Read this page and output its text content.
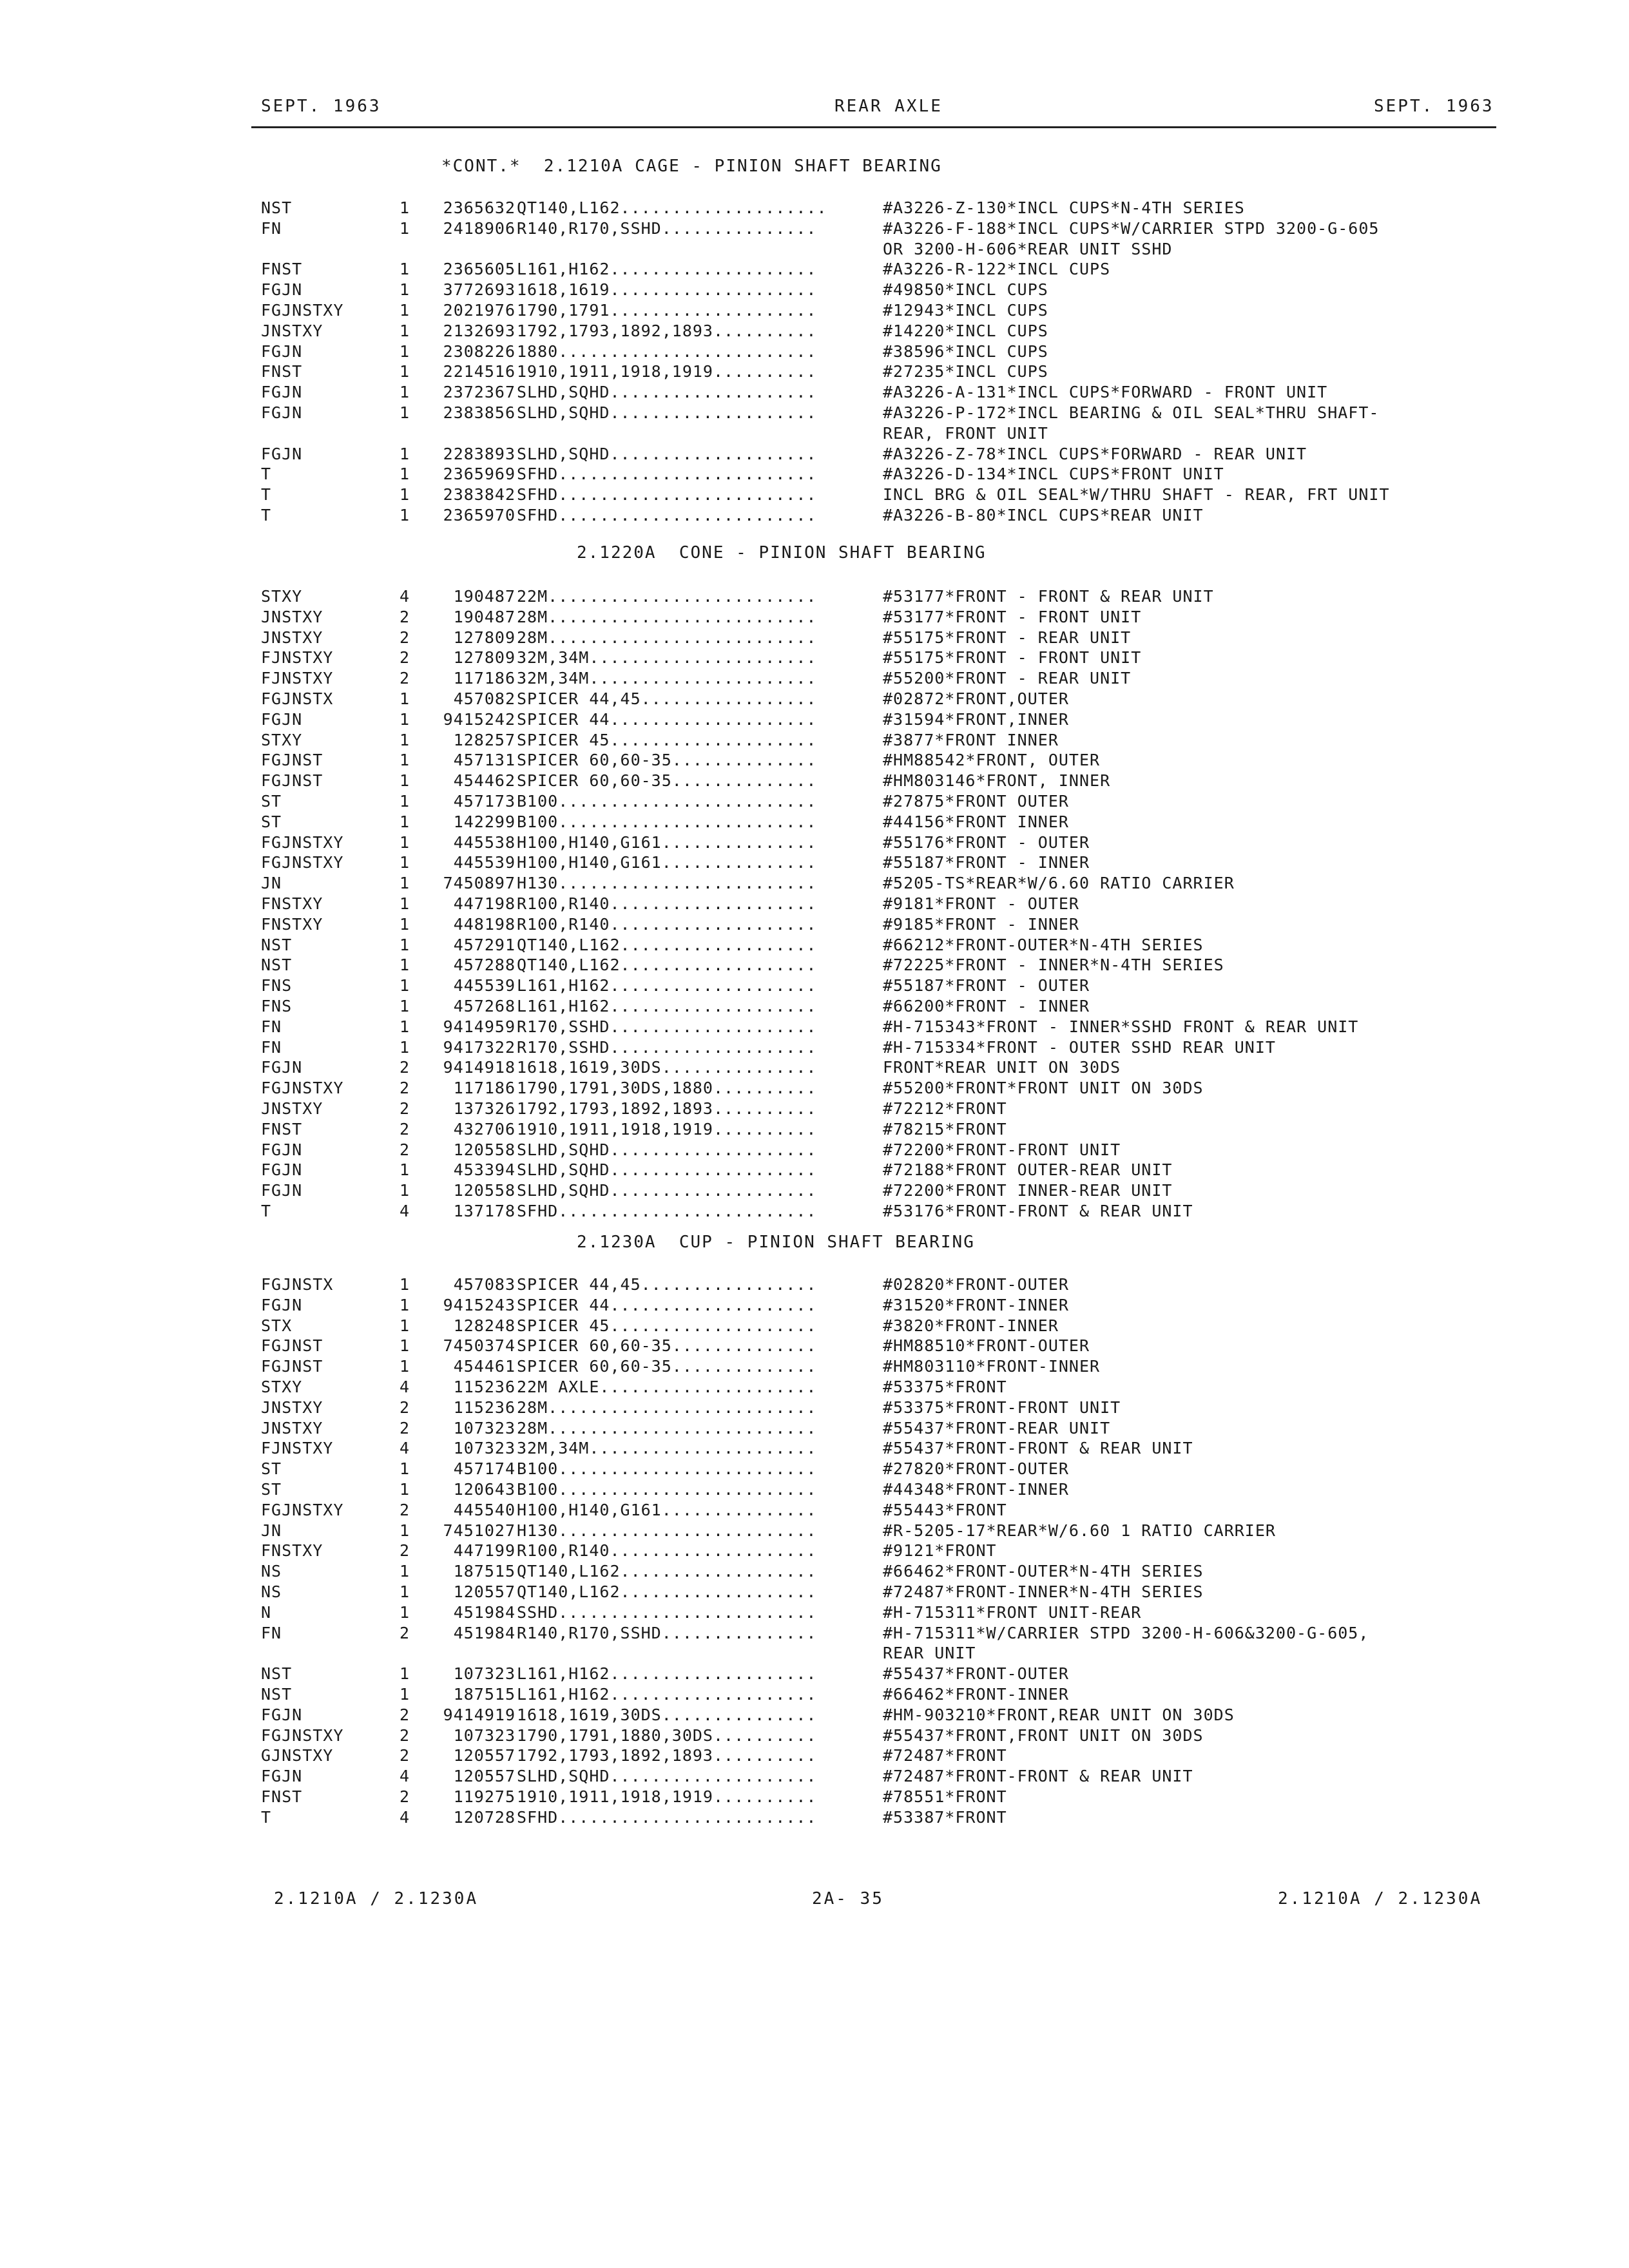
SEPT. 1963	REAR AXLE	SEPT. 1963
*CONT.*  2.1210A CAGE - PINION SHAFT BEARING
NST	1	2365632 QT140,L162....................	#A3226-Z-130*INCL CUPS*N-4TH SERIES
FN	1	2418906 R140,R170,SSHD...............	#A3226-F-188*INCL CUPS*W/CARRIER STPD 3200-G-605
OR 3200-H-606*REAR UNIT SSHD
FNST	1	2365605 L161,H162....................	#A3226-R-122*INCL CUPS
FGJN	1	3772693 1618,1619....................	#49850*INCL CUPS
FGJNSTXY	1	2021976 1790,1791....................	#12943*INCL CUPS
JNSTXY	1	2132693 1792,1793,1892,1893..........	#14220*INCL CUPS
FGJN	1	2308226 1880.........................	#38596*INCL CUPS
FNST	1	2214516 1910,1911,1918,1919..........	#27235*INCL CUPS
FGJN	1	2372367 SLHD,SQHD....................	#A3226-A-131*INCL CUPS*FORWARD - FRONT UNIT
FGJN	1	2383856 SLHD,SQHD....................	#A3226-P-172*INCL BEARING & OIL SEAL*THRU SHAFT-
REAR, FRONT UNIT
FGJN	1	2283893 SLHD,SQHD....................	#A3226-Z-78*INCL CUPS*FORWARD - REAR UNIT
T	1	2365969 SFHD.........................	#A3226-D-134*INCL CUPS*FRONT UNIT
T	1	2383842 SFHD.........................	INCL BRG & OIL SEAL*W/THRU SHAFT - REAR, FRT UNIT
T	1	2365970 SFHD.........................	#A3226-B-80*INCL CUPS*REAR UNIT
2.1220A  CONE - PINION SHAFT BEARING
STXY	4	190487 22M..........................	#53177*FRONT - FRONT & REAR UNIT
JNSTXY	2	190487 28M..........................	#53177*FRONT - FRONT UNIT
JNSTXY	2	127809 28M..........................	#55175*FRONT - REAR UNIT
FJNSTXY	2	127809 32M,34M......................	#55175*FRONT - FRONT UNIT
FJNSTXY	2	117186 32M,34M......................	#55200*FRONT - REAR UNIT
FGJNSTX	1	457082 SPICER 44,45.................	#02872*FRONT,OUTER
FGJN	1	9415242 SPICER 44....................	#31594*FRONT,INNER
STXY	1	128257 SPICER 45....................	#3877*FRONT INNER
FGJNST	1	457131 SPICER 60,60-35..............	#HM88542*FRONT, OUTER
FGJNST	1	454462 SPICER 60,60-35..............	#HM803146*FRONT, INNER
ST	1	457173 B100.........................	#27875*FRONT OUTER
ST	1	142299 B100.........................	#44156*FRONT INNER
FGJNSTXY	1	445538 H100,H140,G161...............	#55176*FRONT - OUTER
FGJNSTXY	1	445539 H100,H140,G161...............	#55187*FRONT - INNER
JN	1	7450897 H130.........................	#5205-TS*REAR*W/6.60 RATIO CARRIER
FNSTXY	1	447198 R100,R140....................	#9181*FRONT - OUTER
FNSTXY	1	448198 R100,R140....................	#9185*FRONT - INNER
NST	1	457291 QT140,L162...................	#66212*FRONT-OUTER*N-4TH SERIES
NST	1	457288 QT140,L162...................	#72225*FRONT - INNER*N-4TH SERIES
FNS	1	445539 L161,H162....................	#55187*FRONT - OUTER
FNS	1	457268 L161,H162....................	#66200*FRONT - INNER
FN	1	9414959 R170,SSHD....................	#H-715343*FRONT - INNER*SSHD FRONT & REAR UNIT
FN	1	9417322 R170,SSHD....................	#H-715334*FRONT - OUTER SSHD REAR UNIT
FGJN	2	9414918 1618,1619,30DS...............	FRONT*REAR UNIT ON 30DS
FGJNSTXY	2	117186 1790,1791,30DS,1880..........	#55200*FRONT*FRONT UNIT ON 30DS
JNSTXY	2	137326 1792,1793,1892,1893..........	#72212*FRONT
FNST	2	432706 1910,1911,1918,1919..........	#78215*FRONT
FGJN	2	120558 SLHD,SQHD....................	#72200*FRONT-FRONT UNIT
FGJN	1	453394 SLHD,SQHD....................	#72188*FRONT OUTER-REAR UNIT
FGJN	1	120558 SLHD,SQHD....................	#72200*FRONT INNER-REAR UNIT
T	4	137178 SFHD.........................	#53176*FRONT-FRONT & REAR UNIT
2.1230A  CUP - PINION SHAFT BEARING
FGJNSTX	1	457083 SPICER 44,45.................	#02820*FRONT-OUTER
FGJN	1	9415243 SPICER 44....................	#31520*FRONT-INNER
STX	1	128248 SPICER 45....................	#3820*FRONT-INNER
FGJNST	1	7450374 SPICER 60,60-35..............	#HM88510*FRONT-OUTER
FGJNST	1	454461 SPICER 60,60-35..............	#HM803110*FRONT-INNER
STXY	4	115236 22M AXLE.....................	#53375*FRONT
JNSTXY	2	115236 28M..........................	#53375*FRONT-FRONT UNIT
JNSTXY	2	107323 28M..........................	#55437*FRONT-REAR UNIT
FJNSTXY	4	107323 32M,34M......................	#55437*FRONT-FRONT & REAR UNIT
ST	1	457174 B100.........................	#27820*FRONT-OUTER
ST	1	120643 B100.........................	#44348*FRONT-INNER
FGJNSTXY	2	445540 H100,H140,G161...............	#55443*FRONT
JN	1	7451027 H130.........................	#R-5205-17*REAR*W/6.60 1 RATIO CARRIER
FNSTXY	2	447199 R100,R140....................	#9121*FRONT
NS	1	187515 QT140,L162...................	#66462*FRONT-OUTER*N-4TH SERIES
NS	1	120557 QT140,L162...................	#72487*FRONT-INNER*N-4TH SERIES
N	1	451984 SSHD.........................	#H-715311*FRONT UNIT-REAR
FN	2	451984 R140,R170,SSHD...............	#H-715311*W/CARRIER STPD 3200-H-606&3200-G-605,
REAR UNIT
NST	1	107323 L161,H162....................	#55437*FRONT-OUTER
NST	1	187515 L161,H162....................	#66462*FRONT-INNER
FGJN	2	9414919 1618,1619,30DS...............	#HM-903210*FRONT,REAR UNIT ON 30DS
FGJNSTXY	2	107323 1790,1791,1880,30DS..........	#55437*FRONT,FRONT UNIT ON 30DS
GJNSTXY	2	120557 1792,1793,1892,1893..........	#72487*FRONT
FGJN	4	120557 SLHD,SQHD....................	#72487*FRONT-FRONT & REAR UNIT
FNST	2	119275 1910,1911,1918,1919..........	#78551*FRONT
T	4	120728 SFHD.........................	#53387*FRONT
2.1210A / 2.1230A	2A- 35	2.1210A / 2.1230A
